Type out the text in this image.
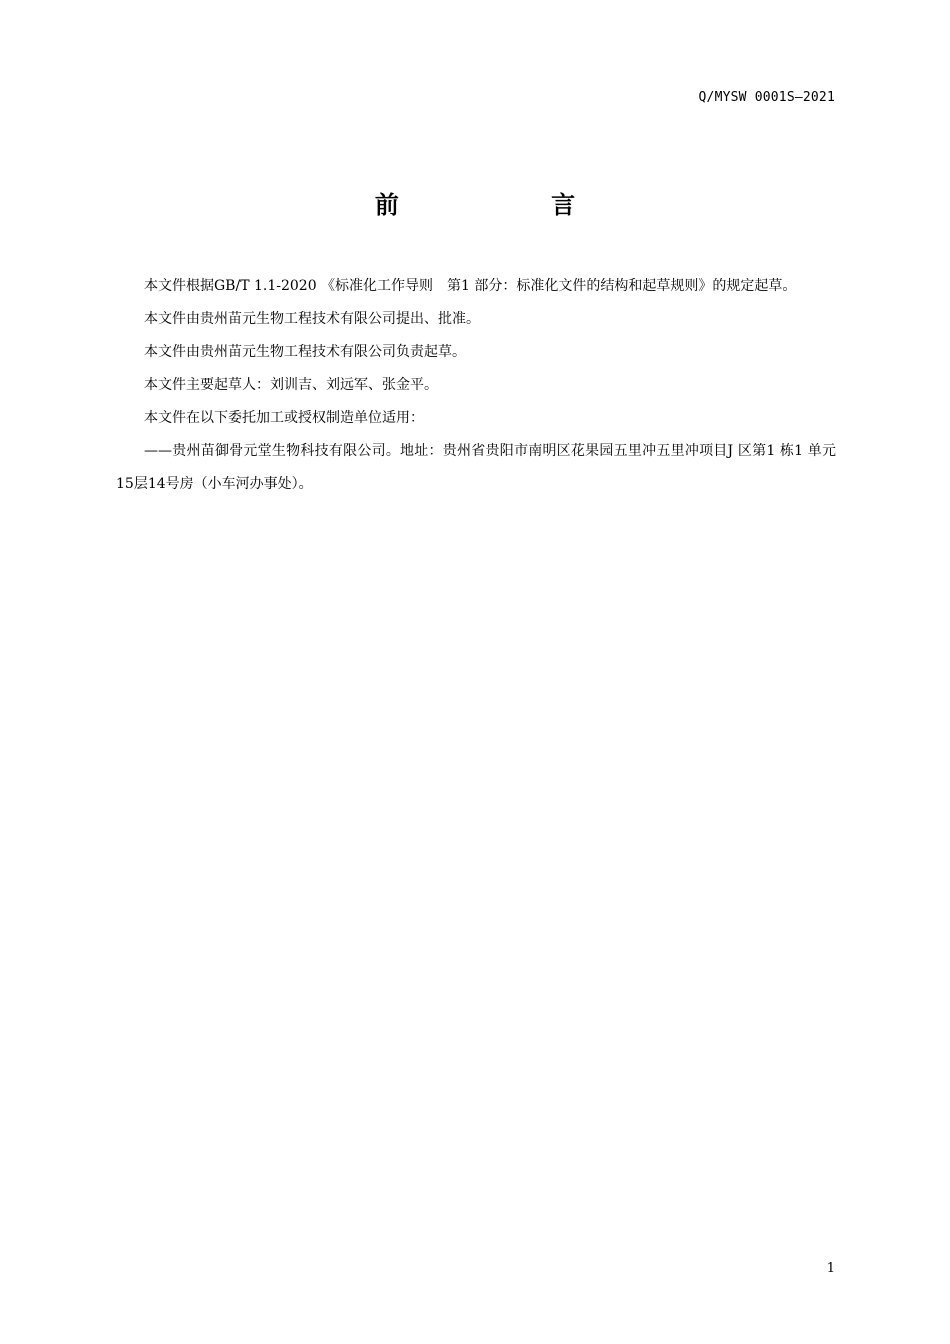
Q/MYSW 0001S—2021
前 言

本文件根据GB/T 1.1-2020 《标准化工作导则　第1 部分：标准化文件的结构和起草规则》的规定起草。

本文件由贵州苗元生物工程技术有限公司提出、批准。

本文件由贵州苗元生物工程技术有限公司负责起草。

本文件主要起草人：刘训吉、刘远军、张金平。

本文件在以下委托加工或授权制造单位适用：

——贵州苗御骨元堂生物科技有限公司。地址：贵州省贵阳市南明区花果园五里冲五里冲项目J 区第1 栋1 单元15层14号房（小车河办事处）。

1
